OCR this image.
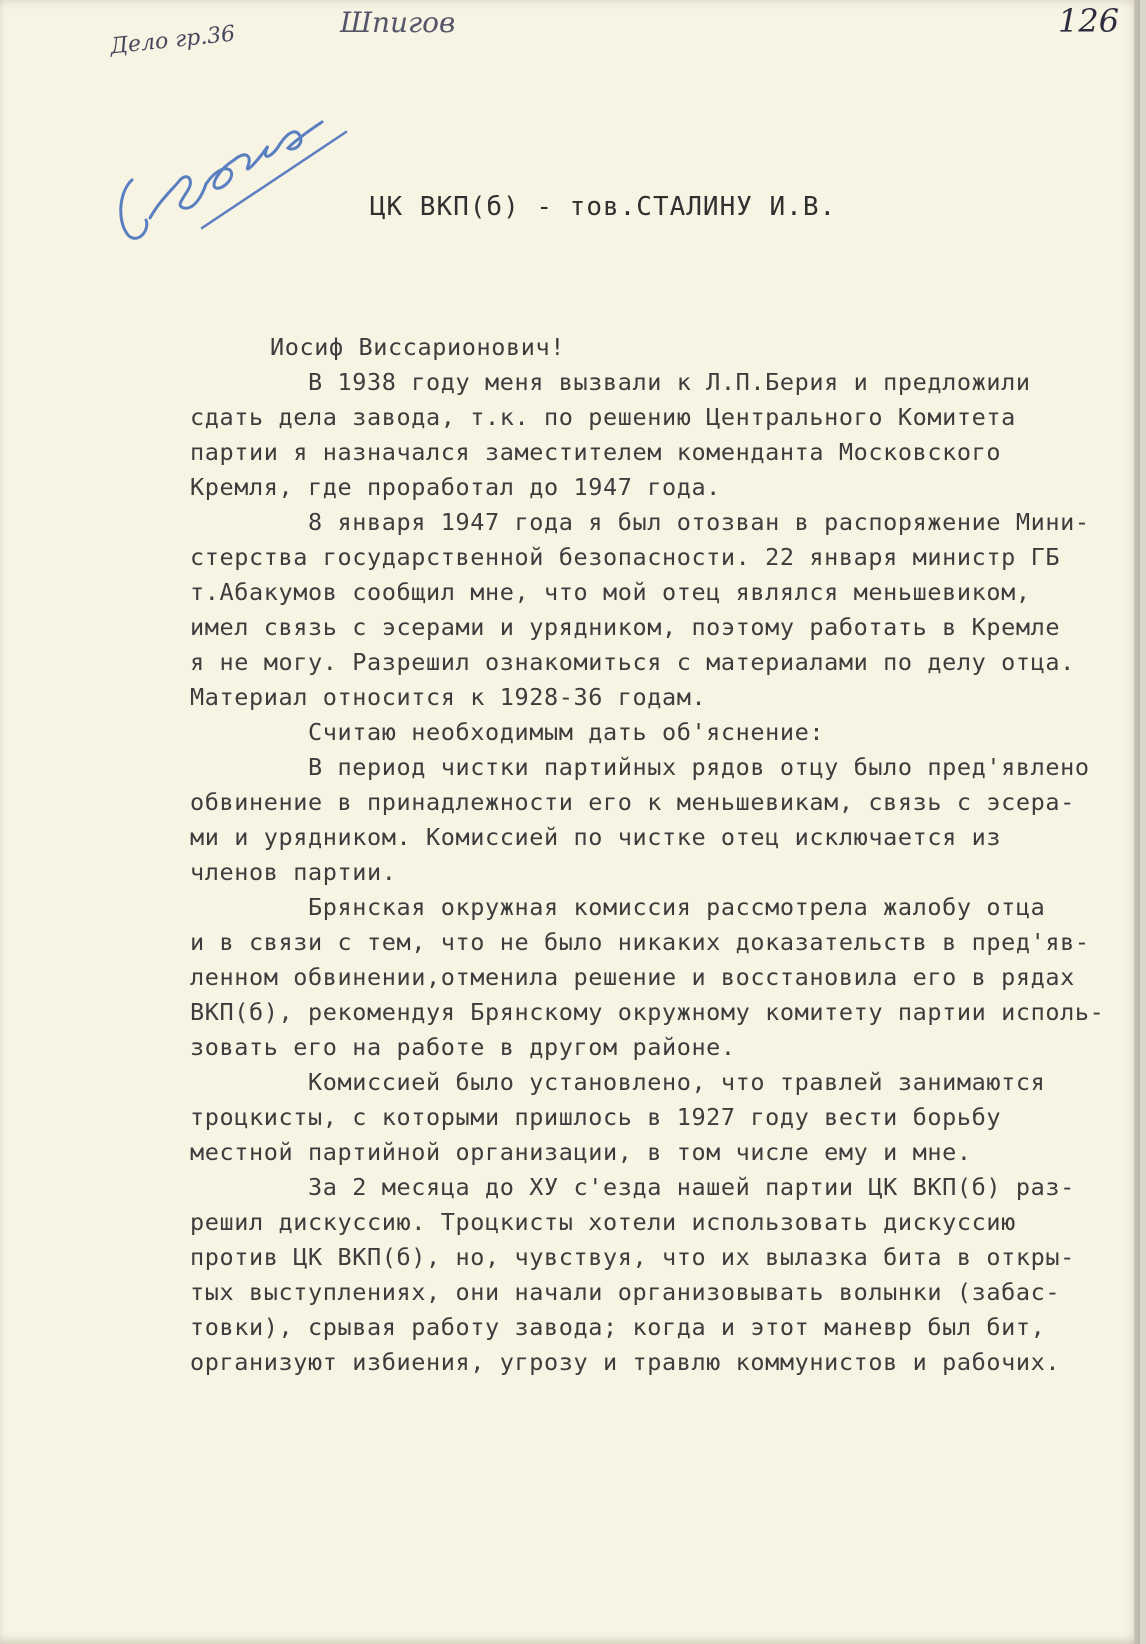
Дело гр.36	Шпигов	126
ЦК ВКП(б) - тов.СТАЛИНУ И.В.
Иосиф Виссарионович!
В 1938 году меня вызвали к Л.П.Берия и предложили
сдать дела завода, т.к. по решению Центрального Комитета
партии я назначался заместителем коменданта Московского
Кремля, где проработал до 1947 года.
8 января 1947 года я был отозван в распоряжение Мини-
стерства государственной безопасности. 22 января министр ГБ
т.Абакумов сообщил мне, что мой отец являлся меньшевиком,
имел связь с эсерами и урядником, поэтому работать в Кремле
я не могу. Разрешил ознакомиться с материалами по делу отца.
Материал относится к 1928-36 годам.
Считаю необходимым дать об'яснение:
В период чистки партийных рядов отцу было пред'явлено
обвинение в принадлежности его к меньшевикам, связь с эсера-
ми и урядником. Комиссией по чистке отец исключается из
членов партии.
Брянская окружная комиссия рассмотрела жалобу отца
и в связи с тем, что не было никаких доказательств в пред'яв-
ленном обвинении,отменила решение и восстановила его в рядах
ВКП(б), рекомендуя Брянскому окружному комитету партии исполь-
зовать его на работе в другом районе.
Комиссией было установлено, что травлей занимаются
троцкисты, с которыми пришлось в 1927 году вести борьбу
местной партийной организации, в том числе ему и мне.
За 2 месяца до ХУ с'езда нашей партии ЦК ВКП(б) раз-
решил дискуссию. Троцкисты хотели использовать дискуссию
против ЦК ВКП(б), но, чувствуя, что их вылазка бита в откры-
тых выступлениях, они начали организовывать волынки (забас-
товки), срывая работу завода; когда и этот маневр был бит,
организуют избиения, угрозу и травлю коммунистов и рабочих.
